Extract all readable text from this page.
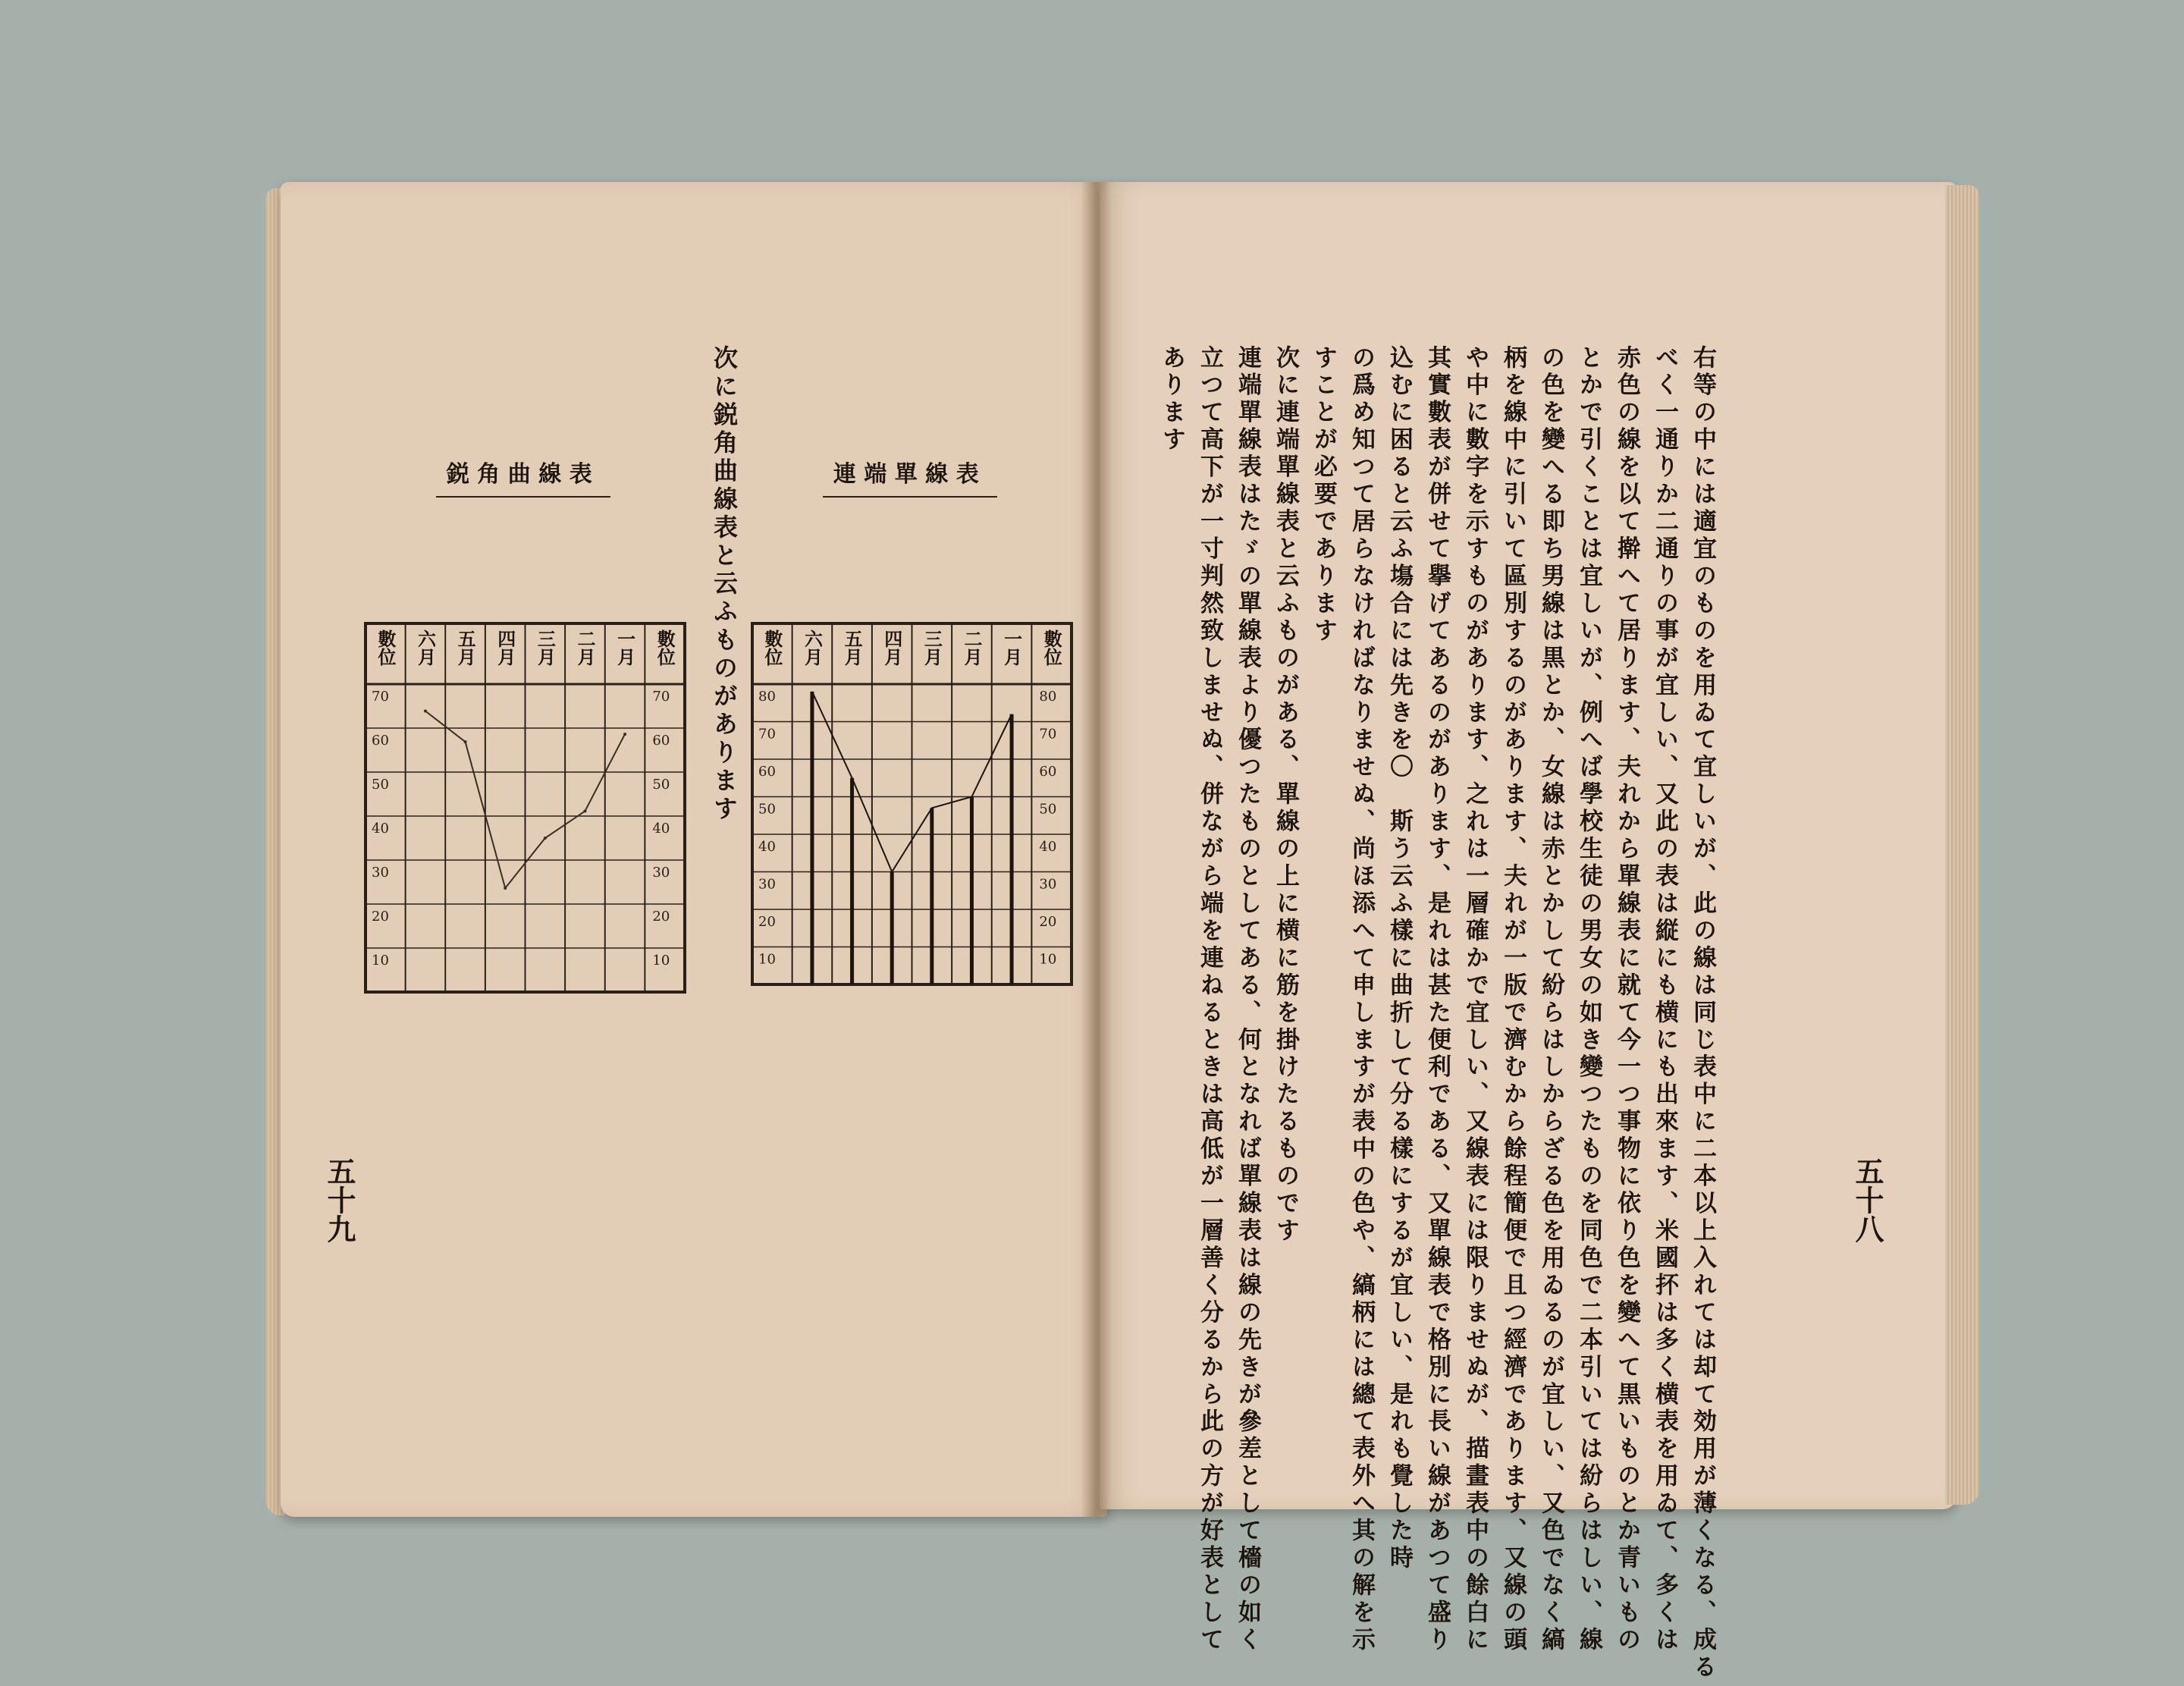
右等の中には適宜のものを用ゐて宜しいが、此の線は同じ表中に二本以上入れては却て効用が薄くなる、成る
べく一通りか二通りの事が宜しい、又此の表は縦にも横にも出來ます、米國抔は多く横表を用ゐて、多くは
赤色の線を以て擀へて居ります、夫れから單線表に就て今一つ事物に依り色を變へて黒いものとか青いもの
とかで引くことは宜しいが、例へば學校生徒の男女の如き變つたものを同色で二本引いては紛らはしい、線
の色を變へる即ち男線は黒とか、女線は赤とかして紛らはしからざる色を用ゐるのが宜しい、又色でなく縞
柄を線中に引いて區別するのがあります、夫れが一版で濟むから餘程簡便で且つ經濟であります、又線の頭
や中に數字を示すものがあります、之れは一層確かで宜しい、又線表には限りませぬが、描畫表中の餘白に
其實數表が併せて擧げてあるのがあります、是れは甚た便利である、又單線表で格別に長い線があつて盛り
込むに困ると云ふ塲合には先きを〇　斯う云ふ樣に曲折して分る樣にするが宜しい、是れも覺した時
の爲め知つて居らなければなりませぬ、尚ほ添へて申しますが表中の色や、縞柄には總て表外へ其の解を示
すことが必要であります
次に連端單線表と云ふものがある、單線の上に横に筋を掛けたるものです
連端單線表はたゞの單線表より優つたものとしてある、何となれば單線表は線の先きが參差として檣の如く
立つて高下が一寸判然致しませぬ、併ながら端を連ねるときは高低が一層善く分るから此の方が好表として
あります
次に鋭角曲線表と云ふものがあります
五十九	五十八
連端單線表
鋭角曲線表
數位 六月 五月 四月 三月 二月 一月 數位
80	80
70	70
60	60
50	50
40	40
30	30
20	20
10	10
數位 六月 五月 四月 三月 二月 一月 數位
70	70
60	60
50	50
40	40
30	30
20	20
10	10
